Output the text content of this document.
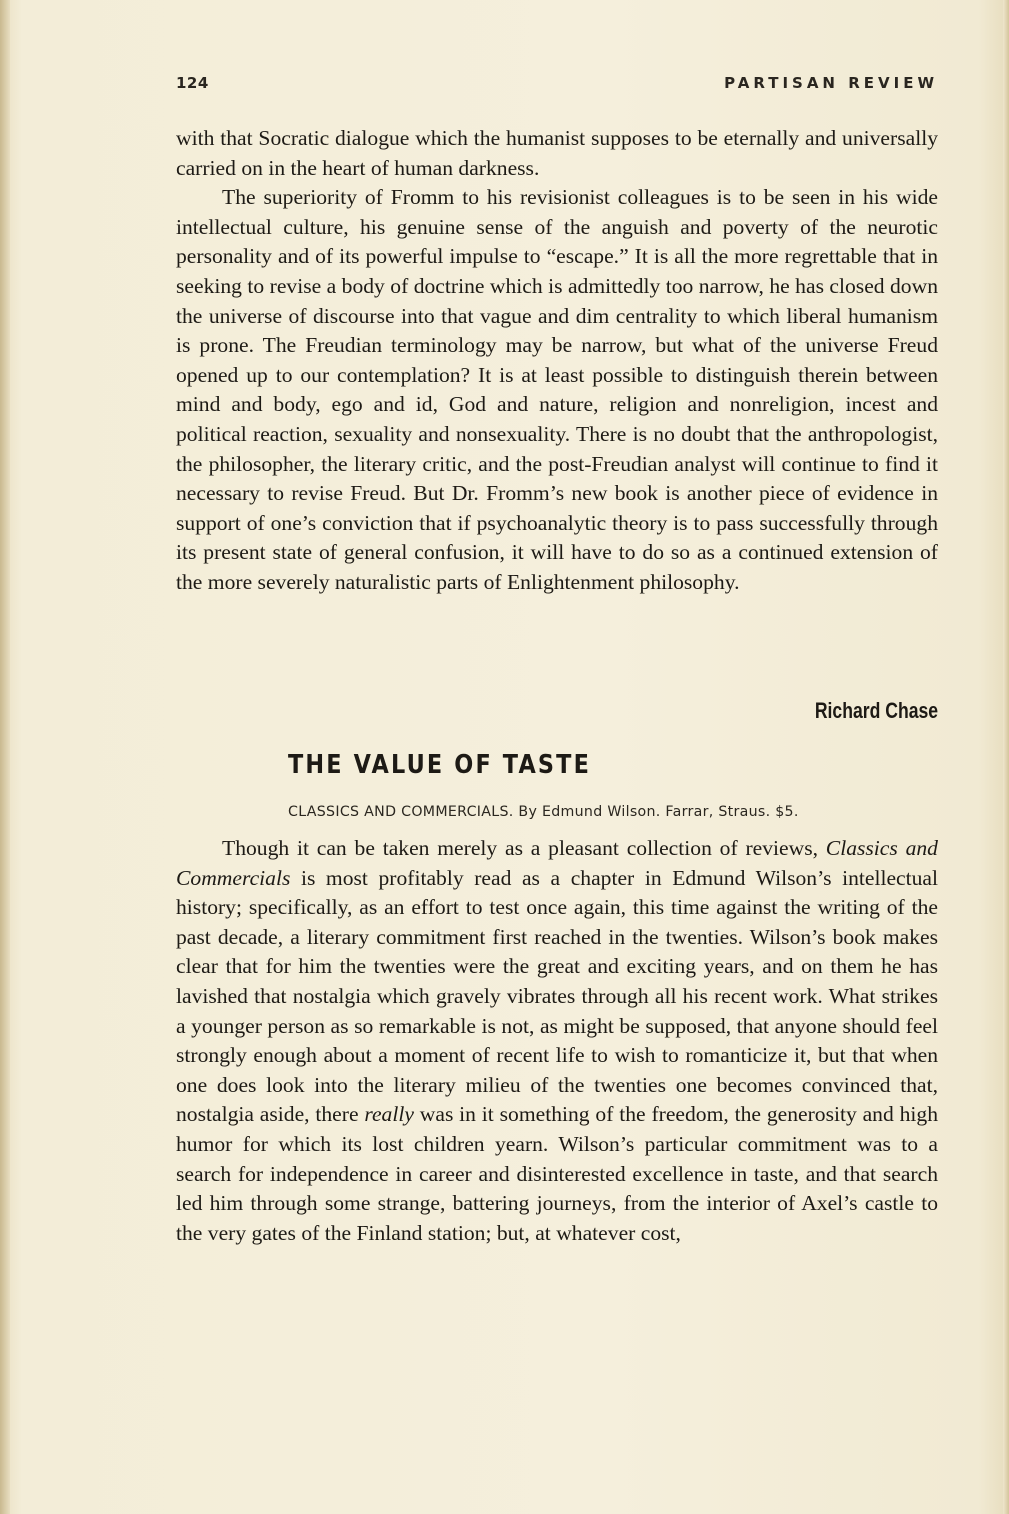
124	PARTISAN REVIEW

with that Socratic dialogue which the humanist supposes to be eternally and universally carried on in the heart of human darkness.

The superiority of Fromm to his revisionist colleagues is to be seen in his wide intellectual culture, his genuine sense of the anguish and poverty of the neurotic personality and of its powerful impulse to “escape.” It is all the more regrettable that in seeking to revise a body of doctrine which is admittedly too narrow, he has closed down the universe of discourse into that vague and dim centrality to which liberal humanism is prone. The Freudian terminology may be narrow, but what of the universe Freud opened up to our contemplation? It is at least possible to distinguish therein between mind and body, ego and id, God and nature, religion and nonreligion, incest and political reaction, sexuality and nonsexuality. There is no doubt that the anthropologist, the philosopher, the literary critic, and the post-Freudian analyst will continue to find it necessary to revise Freud. But Dr. Fromm’s new book is another piece of evidence in support of one’s conviction that if psychoanalytic theory is to pass successfully through its present state of general confusion, it will have to do so as a continued extension of the more severely naturalistic parts of Enlightenment philosophy.

Richard Chase
THE VALUE OF TASTE
CLASSICS AND COMMERCIALS. By Edmund Wilson. Farrar, Straus. $5.

Though it can be taken merely as a pleasant collection of reviews, Classics and Commercials is most profitably read as a chapter in Edmund Wilson’s intellectual history; specifically, as an effort to test once again, this time against the writing of the past decade, a literary commitment first reached in the twenties. Wilson’s book makes clear that for him the twenties were the great and exciting years, and on them he has lavished that nostalgia which gravely vibrates through all his recent work. What strikes a younger person as so remarkable is not, as might be supposed, that anyone should feel strongly enough about a moment of recent life to wish to romanticize it, but that when one does look into the literary milieu of the twenties one becomes convinced that, nostalgia aside, there really was in it something of the freedom, the generosity and high humor for which its lost children yearn. Wilson’s particular commitment was to a search for independence in career and disinterested excellence in taste, and that search led him through some strange, battering journeys, from the interior of Axel’s castle to the very gates of the Finland station; but, at whatever cost,
